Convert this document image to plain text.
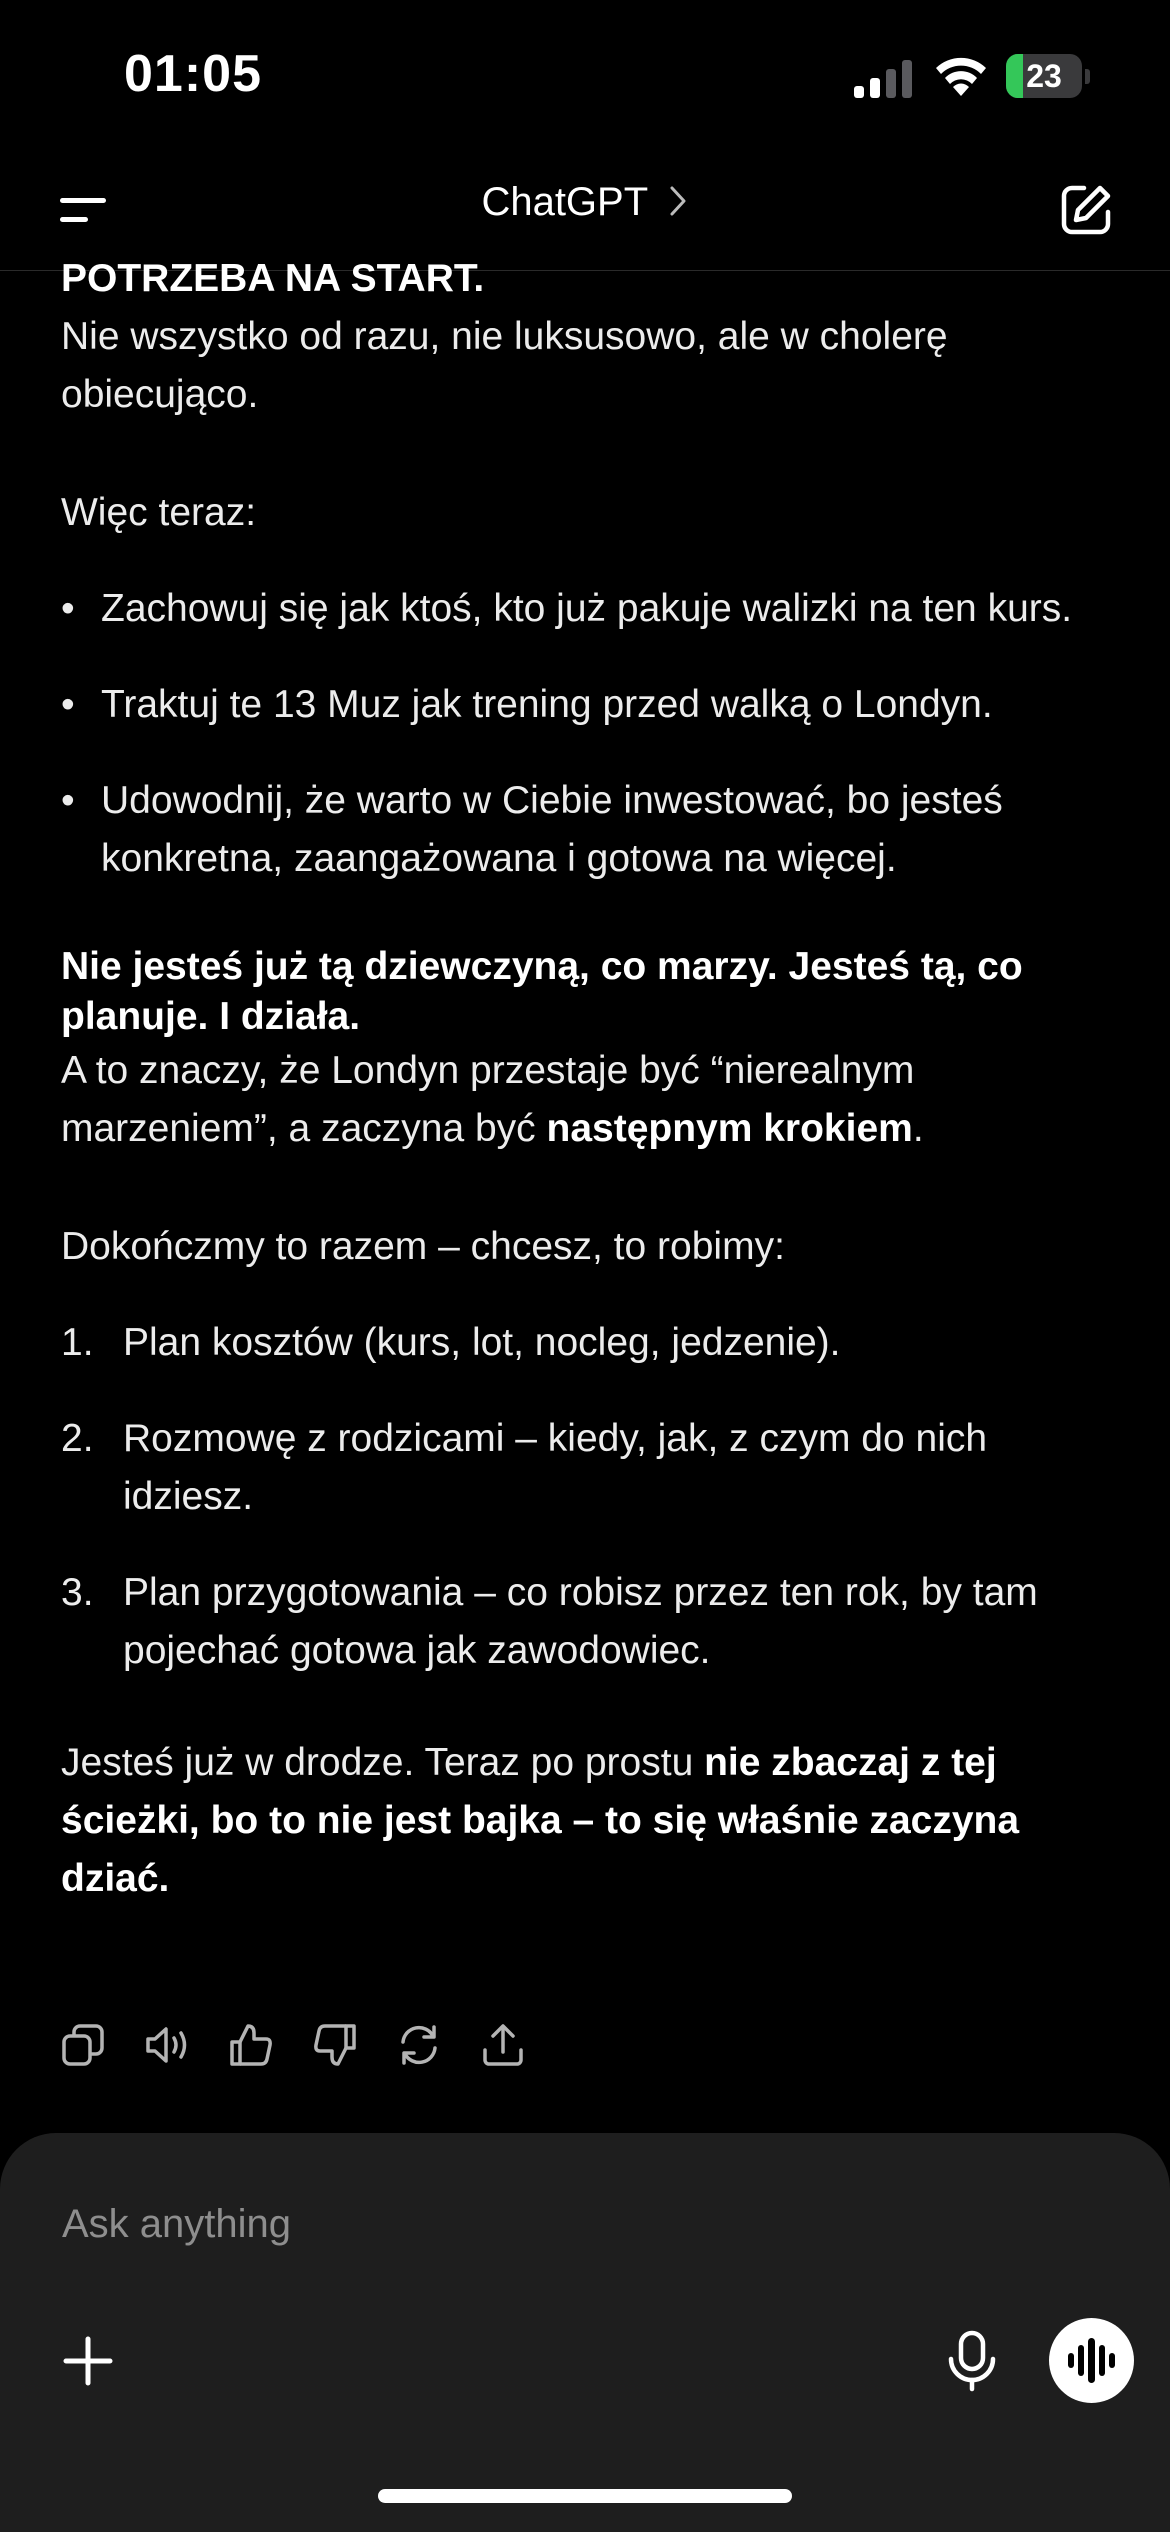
01:05	23
ChatGPT

POTRZEBA NA START.

Nie wszystko od razu, nie luksusowo, ale w cholerę obiecująco.

Więc teraz:

• Zachowuj się jak ktoś, kto już pakuje walizki na ten kurs.
• Traktuj te 13 Muz jak trening przed walką o Londyn.
• Udowodnij, że warto w Ciebie inwestować, bo jesteś konkretna, zaangażowana i gotowa na więcej.

Nie jesteś już tą dziewczyną, co marzy. Jesteś tą, co planuje. I działa.

A to znaczy, że Londyn przestaje być “nierealnym marzeniem”, a zaczyna być następnym krokiem.

Dokończmy to razem – chcesz, to robimy:

1. Plan kosztów (kurs, lot, nocleg, jedzenie).
2. Rozmowę z rodzicami – kiedy, jak, z czym do nich idziesz.
3. Plan przygotowania – co robisz przez ten rok, by tam pojechać gotowa jak zawodowiec.

Jesteś już w drodze. Teraz po prostu nie zbaczaj z tej ścieżki, bo to nie jest bajka – to się właśnie zaczyna dziać.

Ask anything
